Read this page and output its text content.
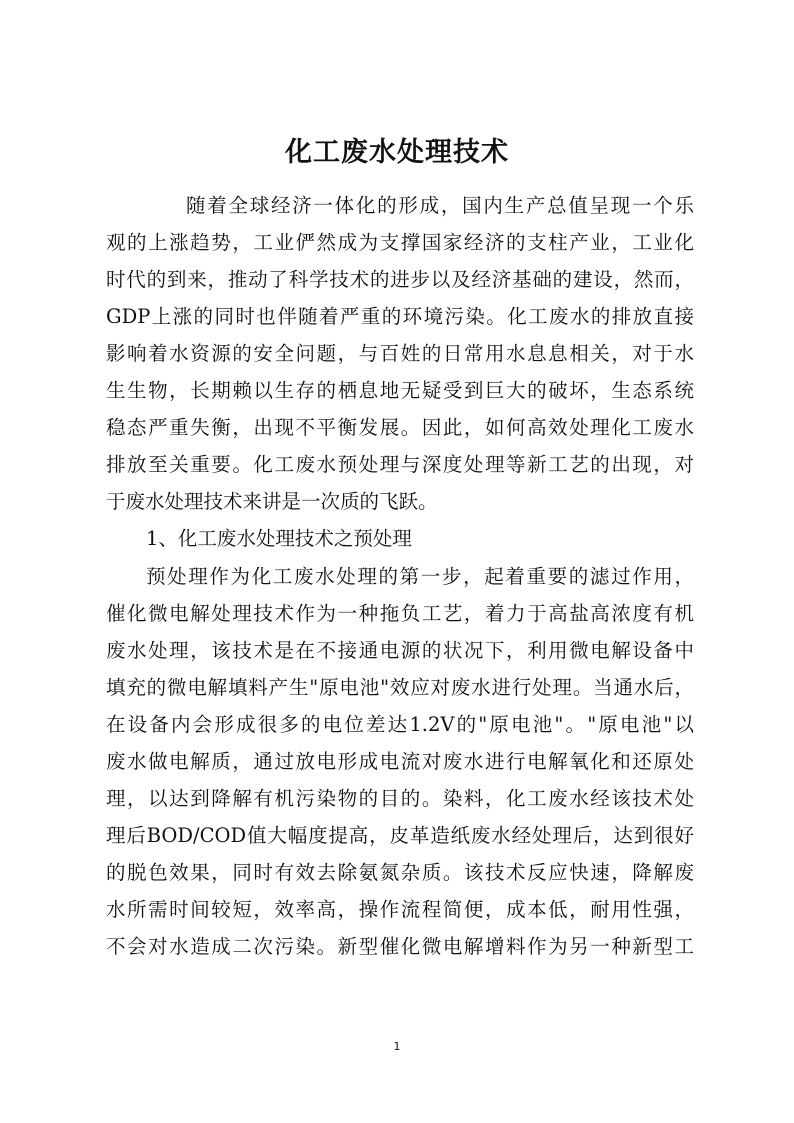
化工废水处理技术
随着全球经济一体化的形成，国内生产总值呈现一个乐
观的上涨趋势，工业俨然成为支撑国家经济的支柱产业，工业化
时代的到来，推动了科学技术的进步以及经济基础的建设，然而，
GDP上涨的同时也伴随着严重的环境污染。化工废水的排放直接
影响着水资源的安全问题，与百姓的日常用水息息相关，对于水
生生物，长期赖以生存的栖息地无疑受到巨大的破坏，生态系统
稳态严重失衡，出现不平衡发展。因此，如何高效处理化工废水
排放至关重要。化工废水预处理与深度处理等新工艺的出现，对
于废水处理技术来讲是一次质的飞跃。
1、化工废水处理技术之预处理
预处理作为化工废水处理的第一步，起着重要的滤过作用，
催化微电解处理技术作为一种拖负工艺，着力于高盐高浓度有机
废水处理，该技术是在不接通电源的状况下，利用微电解设备中
填充的微电解填料产生"原电池"效应对废水进行处理。当通水后，
在设备内会形成很多的电位差达1.2V的"原电池"。"原电池"以
废水做电解质，通过放电形成电流对废水进行电解氧化和还原处
理，以达到降解有机污染物的目的。染料，化工废水经该技术处
理后BOD/COD值大幅度提高，皮革造纸废水经处理后，达到很好
的脱色效果，同时有效去除氨氮杂质。该技术反应快速，降解废
水所需时间较短，效率高，操作流程简便，成本低，耐用性强，
不会对水造成二次污染。新型催化微电解增料作为另一种新型工
1
